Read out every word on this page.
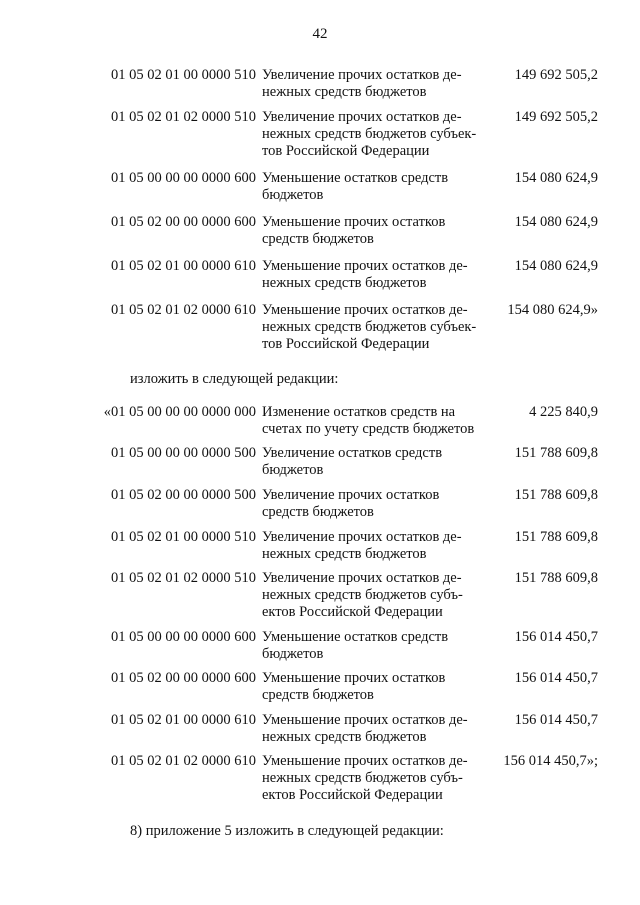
42
01 05 02 01 00 0000 510 Увеличение прочих остатков де-
нежных средств бюджетов
149 692 505,2
01 05 02 01 02 0000 510 Увеличение прочих остатков де-
нежных средств бюджетов субъек-
тов Российской Федерации
149 692 505,2
01 05 00 00 00 0000 600 Уменьшение остатков средств
бюджетов
154 080 624,9
01 05 02 00 00 0000 600 Уменьшение прочих остатков
средств бюджетов
154 080 624,9
01 05 02 01 00 0000 610 Уменьшение прочих остатков де-
нежных средств бюджетов
154 080 624,9
01 05 02 01 02 0000 610 Уменьшение прочих остатков де-
нежных средств бюджетов субъек-
тов Российской Федерации
154 080 624,9»
изложить в следующей редакции:
«01 05 00 00 00 0000 000 Изменение остатков средств на
счетах по учету средств бюджетов
4 225 840,9
01 05 00 00 00 0000 500 Увеличение остатков средств
бюджетов
151 788 609,8
01 05 02 00 00 0000 500 Увеличение прочих остатков
средств бюджетов
151 788 609,8
01 05 02 01 00 0000 510 Увеличение прочих остатков де-
нежных средств бюджетов
151 788 609,8
01 05 02 01 02 0000 510 Увеличение прочих остатков де-
нежных средств бюджетов субъ-
ектов Российской Федерации
151 788 609,8
01 05 00 00 00 0000 600 Уменьшение остатков средств
бюджетов
156 014 450,7
01 05 02 00 00 0000 600 Уменьшение прочих остатков
средств бюджетов
156 014 450,7
01 05 02 01 00 0000 610 Уменьшение прочих остатков де-
нежных средств бюджетов
156 014 450,7
01 05 02 01 02 0000 610 Уменьшение прочих остатков де-
нежных средств бюджетов субъ-
ектов Российской Федерации
156 014 450,7»;
8) приложение 5 изложить в следующей редакции:
